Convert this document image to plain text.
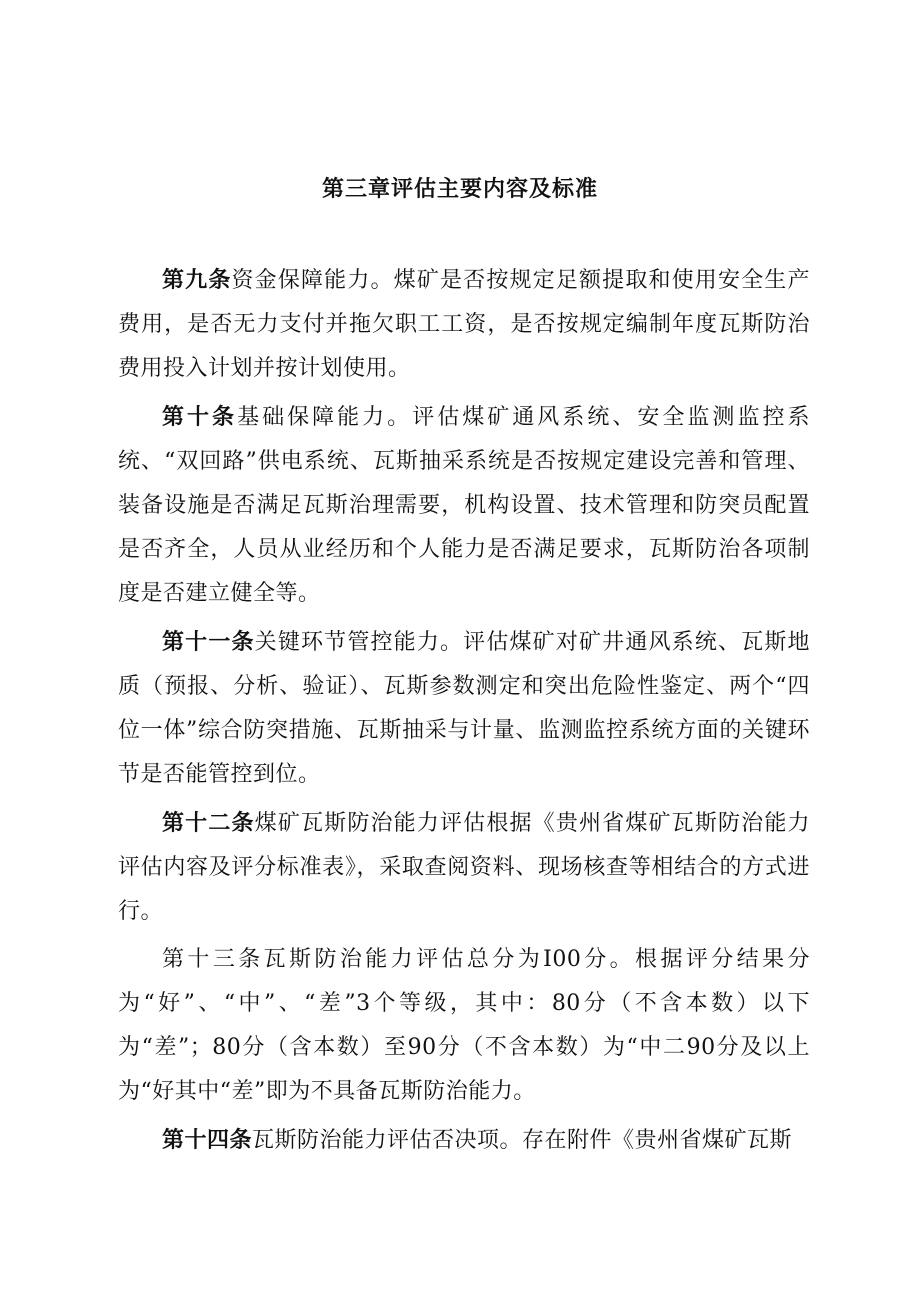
第三章评估主要内容及标准

第九条资金保障能力。煤矿是否按规定足额提取和使用安全生产费用，是否无力支付并拖欠职工工资，是否按规定编制年度瓦斯防治费用投入计划并按计划使用。

第十条基础保障能力。评估煤矿通风系统、安全监测监控系统、“双回路”供电系统、瓦斯抽采系统是否按规定建设完善和管理、装备设施是否满足瓦斯治理需要，机构设置、技术管理和防突员配置是否齐全，人员从业经历和个人能力是否满足要求，瓦斯防治各项制度是否建立健全等。

第十一条关键环节管控能力。评估煤矿对矿井通风系统、瓦斯地质（预报、分析、验证）、瓦斯参数测定和突出危险性鉴定、两个“四位一体”综合防突措施、瓦斯抽采与计量、监测监控系统方面的关键环节是否能管控到位。

第十二条煤矿瓦斯防治能力评估根据《贵州省煤矿瓦斯防治能力评估内容及评分标准表》，采取查阅资料、现场核查等相结合的方式进行。

第十三条瓦斯防治能力评估总分为I00分。根据评分结果分为“好”、“中”、“差”3个等级，其中：80分（不含本数）以下为“差”；80分（含本数）至90分（不含本数）为“中二90分及以上为“好其中“差”即为不具备瓦斯防治能力。

第十四条瓦斯防治能力评估否决项。存在附件《贵州省煤矿瓦斯
